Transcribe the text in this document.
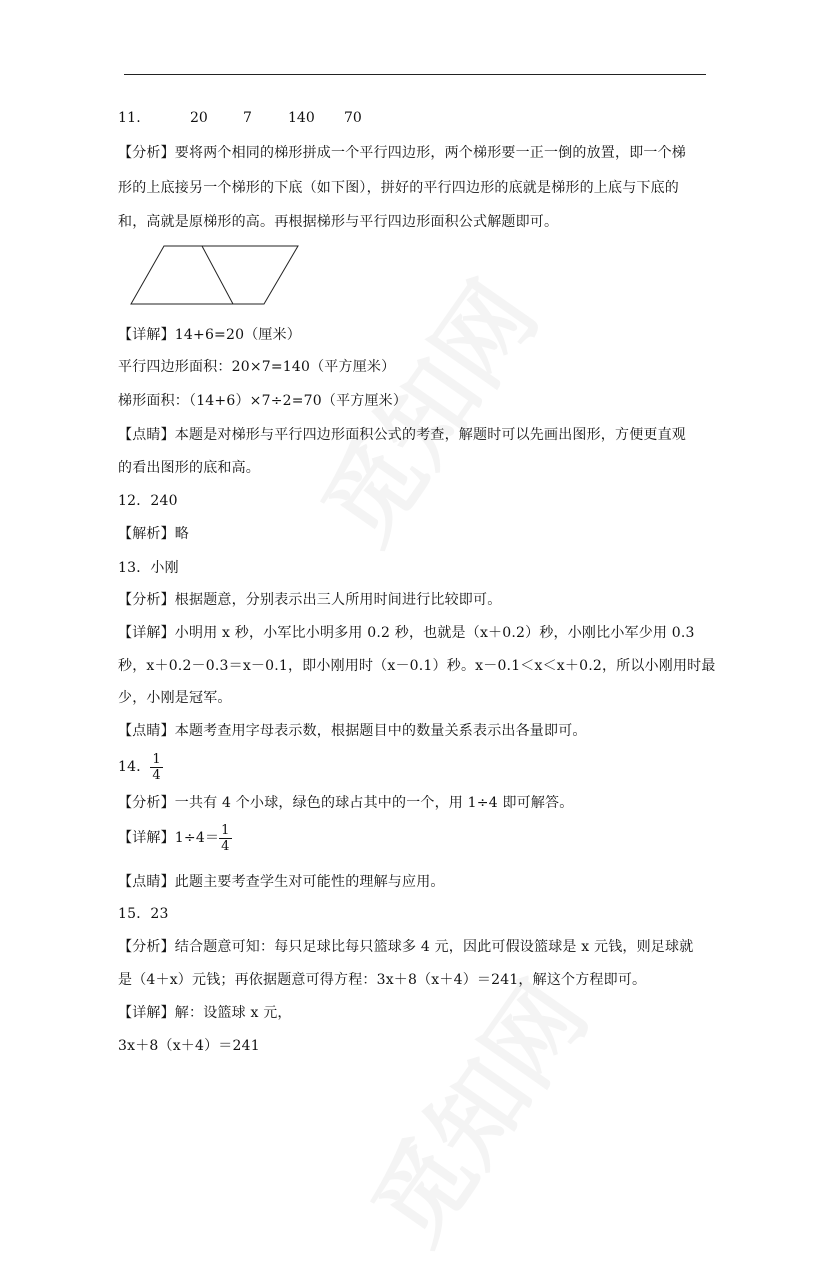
11.	20	7	140 70
【分析】要将两个相同的梯形拼成一个平行四边形，两个梯形要一正一倒的放置，即一个梯
形的上底接另一个梯形的下底（如下图），拼好的平行四边形的底就是梯形的上底与下底的
和，高就是原梯形的高。再根据梯形与平行四边形面积公式解题即可。
【详解】14+6=20（厘米）
平行四边形面积：20×7=140（平方厘米）
梯形面积：（14+6）×7÷2=70（平方厘米）
【点睛】本题是对梯形与平行四边形面积公式的考查，解题时可以先画出图形，方便更直观
的看出图形的底和高。
12．240
【解析】略
13．小刚
【分析】根据题意，分别表示出三人所用时间进行比较即可。
【详解】小明用 x 秒，小军比小明多用 0.2 秒，也就是（x＋0.2）秒，小刚比小军少用 0.3
秒，x＋0.2－0.3＝x－0.1，即小刚用时（x－0.1）秒。x－0.1＜x＜x＋0.2，所以小刚用时最
少，小刚是冠军。
【点睛】本题考查用字母表示数，根据题目中的数量关系表示出各量即可。
14． $\frac{1}{4}$
【分析】一共有 4 个小球，绿色的球占其中的一个，用 1÷4 即可解答。
【详解】$1\div 4= \frac{1}{4}$
【点睛】此题主要考查学生对可能性的理解与应用。
15．23
【分析】结合题意可知：每只足球比每只篮球多 4 元，因此可假设篮球是 x 元钱，则足球就
是（4＋x）元钱；再依据题意可得方程：3x＋8（x＋4）＝241，解这个方程即可。
【详解】解：设篮球 x 元，
3x＋8（x＋4）＝241
